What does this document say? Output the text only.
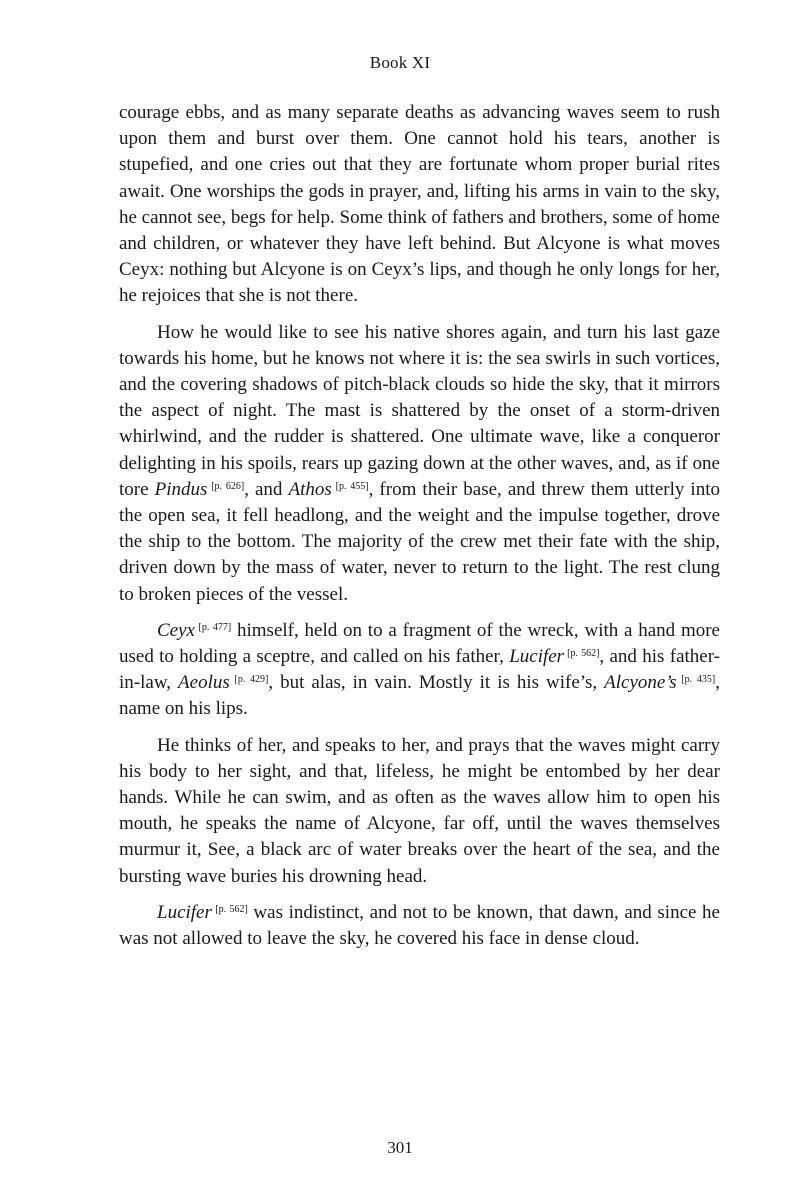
Book XI

courage ebbs, and as many separate deaths as advancing waves seem to rush upon them and burst over them. One cannot hold his tears, another is stupefied, and one cries out that they are fortunate whom proper burial rites await. One worships the gods in prayer, and, lifting his arms in vain to the sky, he cannot see, begs for help. Some think of fathers and brothers, some of home and children, or whatever they have left behind. But Alcyone is what moves Ceyx: nothing but Alcyone is on Ceyx’s lips, and though he only longs for her, he rejoices that she is not there.

How he would like to see his native shores again, and turn his last gaze towards his home, but he knows not where it is: the sea swirls in such vortices, and the covering shadows of pitch-black clouds so hide the sky, that it mirrors the aspect of night. The mast is shattered by the onset of a storm-driven whirlwind, and the rudder is shattered. One ultimate wave, like a conqueror delighting in his spoils, rears up gazing down at the other waves, and, as if one tore Pindus [p. 626], and Athos [p. 455], from their base, and threw them utterly into the open sea, it fell headlong, and the weight and the impulse together, drove the ship to the bottom. The majority of the crew met their fate with the ship, driven down by the mass of water, never to return to the light. The rest clung to broken pieces of the vessel.

Ceyx [p. 477] himself, held on to a fragment of the wreck, with a hand more used to holding a sceptre, and called on his father, Lucifer [p. 562], and his father-in-law, Aeolus [p. 429], but alas, in vain. Mostly it is his wife’s, Alcyone’s [p. 435], name on his lips.

He thinks of her, and speaks to her, and prays that the waves might carry his body to her sight, and that, lifeless, he might be entombed by her dear hands. While he can swim, and as often as the waves allow him to open his mouth, he speaks the name of Alcyone, far off, until the waves themselves murmur it, See, a black arc of water breaks over the heart of the sea, and the bursting wave buries his drowning head.

Lucifer [p. 562] was indistinct, and not to be known, that dawn, and since he was not allowed to leave the sky, he covered his face in dense cloud.

301
